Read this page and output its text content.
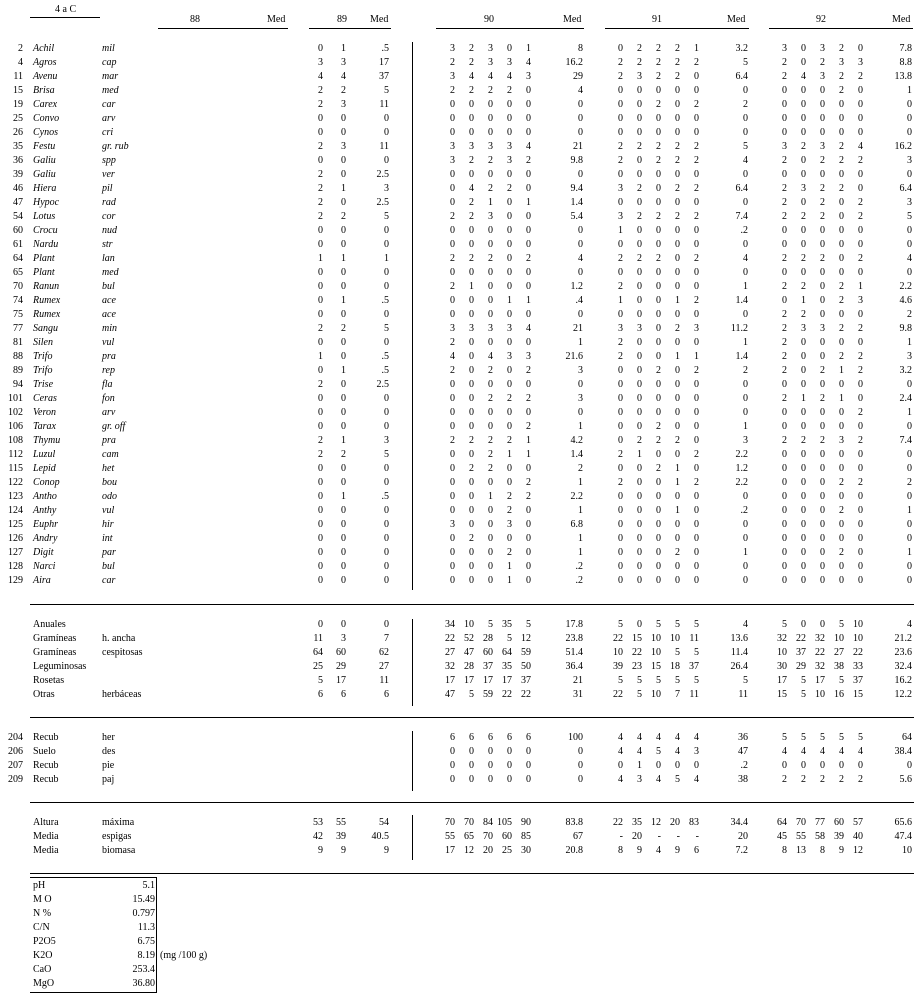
4 a C
88	Med	89 Med	90	Med	91	Med	92	Med
2 Achil	mil	0 1	.5	3 2 3 0 1	8	0 2 2 2 1	3.2	3 0 3 2 0	7.8
4 Agros	cap	3 3	17	2 2 3 3 4	16.2	2 2 2 2 2	5	2 0 2 3 3	8.8
11 Avenu	mar	4 4	37	3 4 4 4 3	29	2 3 2 2 0	6.4	2 4 3 2 2	13.8
15 Brisa	med	2 2	5	2 2 2 2 0	4	0 0 0 0 0	0	0 0 0 2 0	1
19 Carex	car	2 3	11	0 0 0 0 0	0	0 0 2 0 2	2	0 0 0 0 0	0
25 Convo	arv	0 0	0	0 0 0 0 0	0	0 0 0 0 0	0	0 0 0 0 0	0
26 Cynos	cri	0 0	0	0 0 0 0 0	0	0 0 0 0 0	0	0 0 0 0 0	0
35 Festu	gr. rub	2 3	11	3 3 3 3 4	21	2 2 2 2 2	5	3 2 3 2 4	16.2
36 Galiu	spp	0 0	0	3 2 2 3 2	9.8	2 0 2 2 2	4	2 0 2 2 2	3
39 Galiu	ver	2 0	2.5	0 0 0 0 0	0	0 0 0 0 0	0	0 0 0 0 0	0
46 Hiera	pil	2 1	3	0 4 2 2 0	9.4	3 2 0 2 2	6.4	2 3 2 2 0	6.4
47 Hypoc	rad	2 0	2.5	0 2 1 0 1	1.4	0 0 0 0 0	0	2 0 2 0 2	3
54 Lotus	cor	2 2	5	2 2 3 0 0	5.4	3 2 2 2 2	7.4	2 2 2 0 2	5
60 Crocu	nud	0 0	0	0 0 0 0 0	0	1 0 0 0 0	.2	0 0 0 0 0	0
61 Nardu	str	0 0	0	0 0 0 0 0	0	0 0 0 0 0	0	0 0 0 0 0	0
64 Plant	lan	1 1	1	2 2 2 0 2	4	2 2 2 0 2	4	2 2 2 0 2	4
65 Plant	med	0 0	0	0 0 0 0 0	0	0 0 0 0 0	0	0 0 0 0 0	0
70 Ranun	bul	0 0	0	2 1 0 0 0	1.2	2 0 0 0 0	1	2 2 0 2 1	2.2
74 Rumex	ace	0 1	.5	0 0 0 1 1	.4	1 0 0 1 2	1.4	0 1 0 2 3	4.6
75 Rumex	ace	0 0	0	0 0 0 0 0	0	0 0 0 0 0	0	2 2 0 0 0	2
77 Sangu	min	2 2	5	3 3 3 3 4	21	3 3 0 2 3	11.2	2 3 3 2 2	9.8
81 Silen	vul	0 0	0	2 0 0 0 0	1	2 0 0 0 0	1	2 0 0 0 0	1
88 Trifo	pra	1 0	.5	4 0 4 3 3	21.6	2 0 0 1 1	1.4	2 0 0 2 2	3
89 Trifo	rep	0 1	.5	2 0 2 0 2	3	0 0 2 0 2	2	2 0 2 1 2	3.2
94 Trise	fla	2 0	2.5	0 0 0 0 0	0	0 0 0 0 0	0	0 0 0 0 0	0
101 Ceras	fon	0 0	0	0 0 2 2 2	3	0 0 0 0 0	0	2 1 2 1 0	2.4
102 Veron	arv	0 0	0	0 0 0 0 0	0	0 0 0 0 0	0	0 0 0 0 2	1
106 Tarax	gr. off	0 0	0	0 0 0 0 2	1	0 0 2 0 0	1	0 0 0 0 0	0
108 Thymu	pra	2 1	3	2 2 2 2 1	4.2	0 2 2 2 0	3	2 2 2 3 2	7.4
112 Luzul	cam	2 2	5	0 0 2 1 1	1.4	2 1 0 0 2	2.2	0 0 0 0 0	0
115 Lepid	het	0 0	0	0 2 2 0 0	2	0 0 2 1 0	1.2	0 0 0 0 0	0
122 Conop	bou	0 0	0	0 0 0 0 2	1	2 0 0 1 2	2.2	0 0 0 2 2	2
123 Antho	odo	0 1	.5	0 0 1 2 2	2.2	0 0 0 0 0	0	0 0 0 0 0	0
124 Anthy	vul	0 0	0	0 0 0 2 0	1	0 0 0 1 0	.2	0 0 0 2 0	1
125 Euphr	hir	0 0	0	3 0 0 3 0	6.8	0 0 0 0 0	0	0 0 0 0 0	0
126 Andry	int	0 0	0	0 2 0 0 0	1	0 0 0 0 0	0	0 0 0 0 0	0
127 Digit	par	0 0	0	0 0 0 2 0	1	0 0 0 2 0	1	0 0 0 2 0	1
128 Narci	bul	0 0	0	0 0 0 1 0	.2	0 0 0 0 0	0	0 0 0 0 0	0
129 Aira	car	0 0	0	0 0 0 1 0	.2	0 0 0 0 0	0	0 0 0 0 0	0
Anuales	0 0	0	34 10 5 35 5	17.8	5 0 5 5 5	4	5 0 0 5 10	4
Gramíneas	h. ancha	11 3	7	22 52 28 5 12	23.8	22 15 10 10 11	13.6	32 22 32 10 10	21.2
Gramíneas	cespitosas	64 60	62	27 47 60 64 59	51.4	10 22 10 5 5	11.4	10 37 22 27 22	23.6
Leguminosas	25 29	27	32 28 37 35 50	36.4	39 23 15 18 37	26.4	30 29 32 38 33	32.4
Rosetas	5 17	11	17 17 17 17 37	21	5 5 5 5 5	5	17 5 17 5 37	16.2
Otras	herbáceas	6 6	6	47 5 59 22 22	31	22 5 10 7 11	11	15 5 10 16 15	12.2
204 Recub	her	6 6 6 6 6	100	4 4 4 4 4	36	5 5 5 5 5	64
206 Suelo	des	0 0 0 0 0	0	4 4 5 4 3	47	4 4 4 4 4	38.4
207 Recub	pie	0 0 0 0 0	0	0 1 0 0 0	.2	0 0 0 0 0	0
209 Recub	paj	0 0 0 0 0	0	4 3 4 5 4	38	2 2 2 2 2	5.6
Altura	máxima	53 55	54	70 70 84 105 90	83.8	22 35 12 20 83	34.4	64 70 77 60 57	65.6
Media	espigas	42 39	40.5	55 65 70 60 85	67	- 20 - - -	20	45 55 58 39 40	47.4
Media	biomasa	9 9	9	17 12 20 25 30	20.8	8 9 4 9 6	7.2	8 13 8 9 12	10
pH	5.1
M O	15.49
N %	0.797
C/N	11.3
P2O5	6.75
K2O	8.19
CaO	253.4
MgO	36.80
(mg /100 g)
